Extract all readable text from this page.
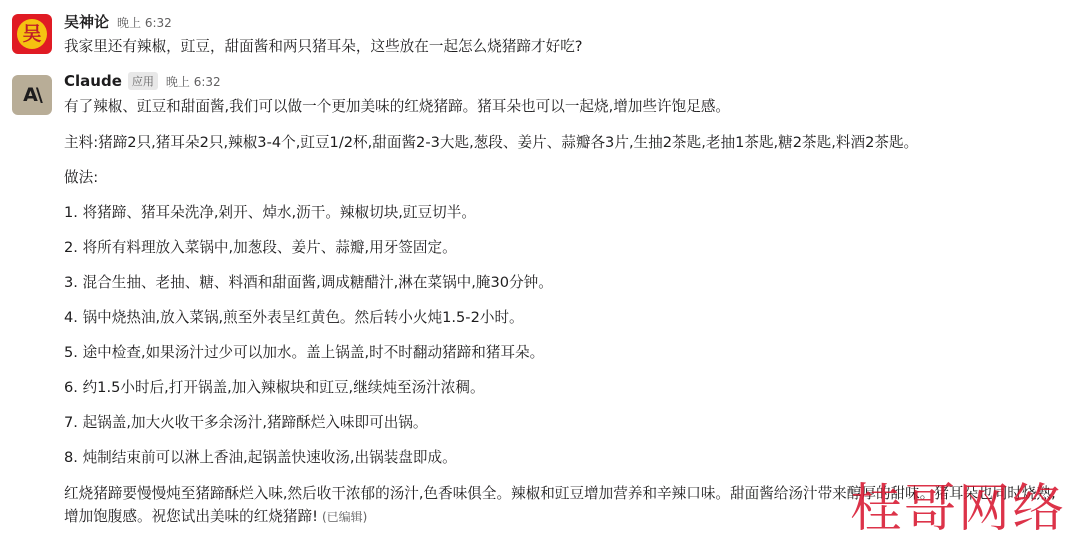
吴
吴神论 晚上 6:32
我家里还有辣椒，豇豆，甜面酱和两只猪耳朵，这些放在一起怎么烧猪蹄才好吃?
A\
Claude 应用	晚上 6:32
有了辣椒、豇豆和甜面酱,我们可以做一个更加美味的红烧猪蹄。猪耳朵也可以一起烧,增加些许饱足感。
主料:猪蹄2只,猪耳朵2只,辣椒3-4个,豇豆1/2杯,甜面酱2-3大匙,葱段、姜片、蒜瓣各3片,生抽2茶匙,老抽1茶匙,糖2茶匙,料酒2茶匙。
做法:
1. 将猪蹄、猪耳朵洗净,剁开、焯水,沥干。辣椒切块,豇豆切半。
2. 将所有料理放入菜锅中,加葱段、姜片、蒜瓣,用牙签固定。
3. 混合生抽、老抽、糖、料酒和甜面酱,调成糖醋汁,淋在菜锅中,腌30分钟。
4. 锅中烧热油,放入菜锅,煎至外表呈红黄色。然后转小火炖1.5-2小时。
5. 途中检查,如果汤汁过少可以加水。盖上锅盖,时不时翻动猪蹄和猪耳朵。
6. 约1.5小时后,打开锅盖,加入辣椒块和豇豆,继续炖至汤汁浓稠。
7. 起锅盖,加大火收干多余汤汁,猪蹄酥烂入味即可出锅。
8. 炖制结束前可以淋上香油,起锅盖快速收汤,出锅装盘即成。
红烧猪蹄要慢慢炖至猪蹄酥烂入味,然后收干浓郁的汤汁,色香味俱全。辣椒和豇豆增加营养和辛辣口味。甜面酱给汤汁带来醇厚的甜味。猪耳朵也同时烧熟,增加饱腹感。祝您试出美味的红烧猪蹄! (已编辑)	桂哥网络
